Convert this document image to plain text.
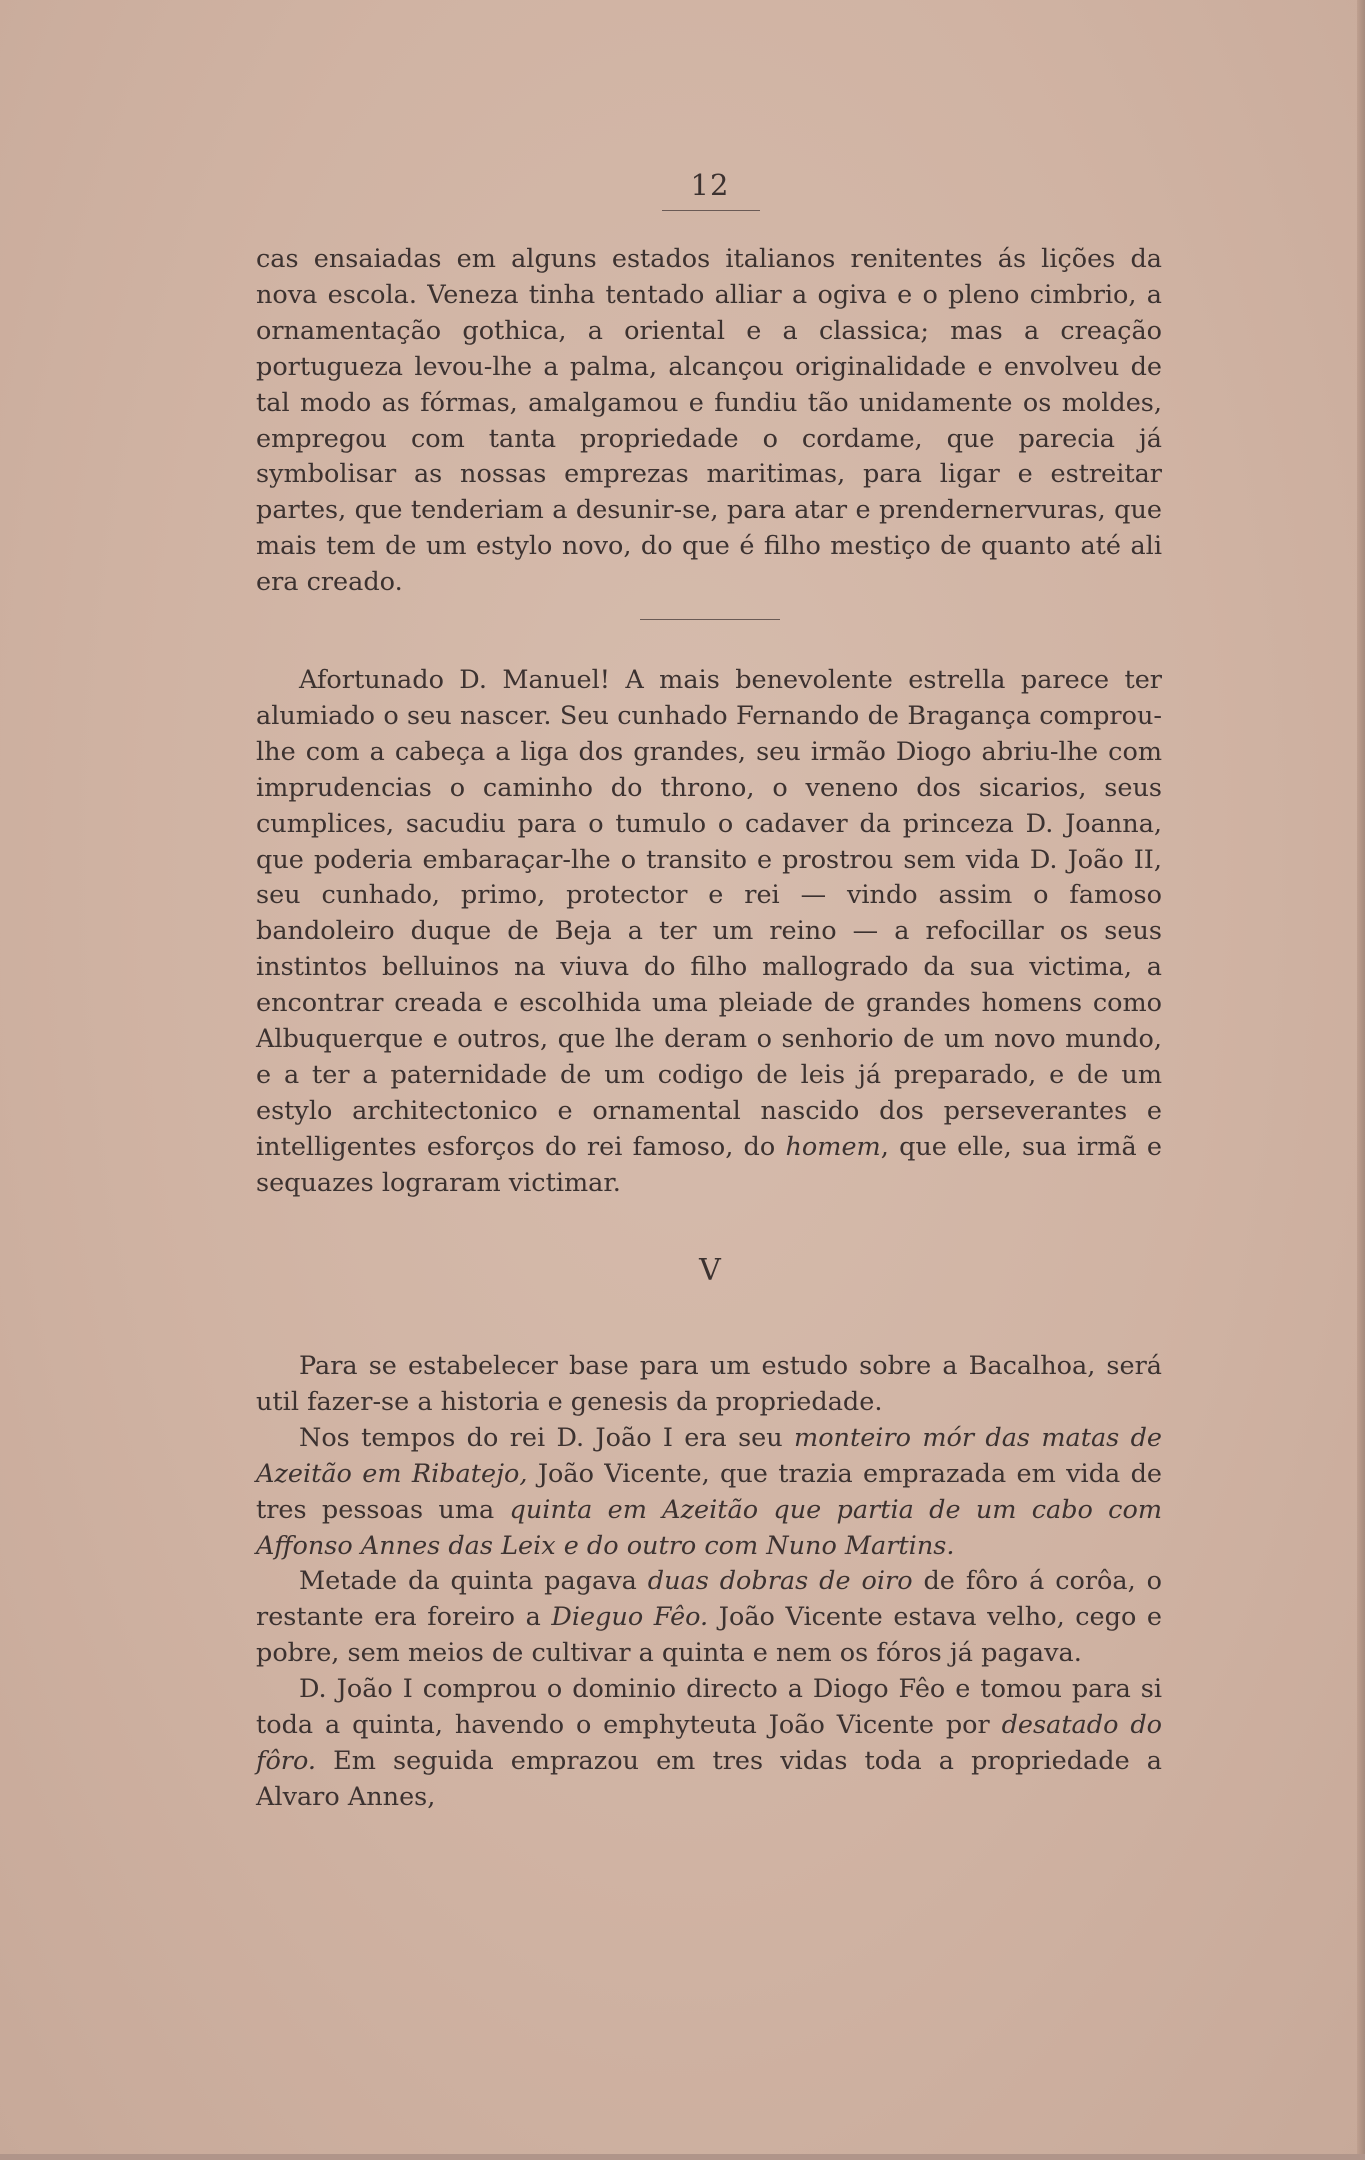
12

cas ensaiadas em alguns estados italianos renitentes ás lições da nova escola. Veneza tinha tentado alliar a ogiva e o pleno cimbrio, a ornamentação gothica, a oriental e a classica; mas a creação portugueza levou-lhe a palma, alcançou originalidade e envolveu de tal modo as fórmas, amalgamou e fundiu tão unidamente os moldes, empregou com tanta propriedade o cordame, que parecia já symbolisar as nossas emprezas maritimas, para ligar e estreitar partes, que tenderiam a desunir-se, para atar e prendernervuras, que mais tem de um estylo novo, do que é filho mestiço de quanto até ali era creado.

Afortunado D. Manuel! A mais benevolente estrella parece ter alumiado o seu nascer. Seu cunhado Fernando de Bragança comprou-lhe com a cabeça a liga dos grandes, seu irmão Diogo abriu-lhe com imprudencias o caminho do throno, o veneno dos sicarios, seus cumplices, sacudiu para o tumulo o cadaver da princeza D. Joanna, que poderia embaraçar-lhe o transito e prostrou sem vida D. João II, seu cunhado, primo, protector e rei — vindo assim o famoso bandoleiro duque de Beja a ter um reino — a refocillar os seus instintos belluinos na viuva do filho mallogrado da sua victima, a encontrar creada e escolhida uma pleiade de grandes homens como Albuquerque e outros, que lhe deram o senhorio de um novo mundo, e a ter a paternidade de um codigo de leis já preparado, e de um estylo architectonico e ornamental nascido dos perseverantes e intelligentes esforços do rei famoso, do homem, que elle, sua irmã e sequazes lograram victimar.

V

Para se estabelecer base para um estudo sobre a Bacalhoa, será util fazer-se a historia e genesis da propriedade.

Nos tempos do rei D. João I era seu monteiro mór das matas de Azeitão em Ribatejo, João Vicente, que trazia emprazada em vida de tres pessoas uma quinta em Azeitão que partia de um cabo com Affonso Annes das Leix e do outro com Nuno Martins.

Metade da quinta pagava duas dobras de oiro de fôro á corôa, o restante era foreiro a Dieguo Fêo. João Vicente estava velho, cego e pobre, sem meios de cultivar a quinta e nem os fóros já pagava.

D. João I comprou o dominio directo a Diogo Fêo e tomou para si toda a quinta, havendo o emphyteuta João Vicente por desatado do fôro. Em seguida emprazou em tres vidas toda a propriedade a Alvaro Annes,
